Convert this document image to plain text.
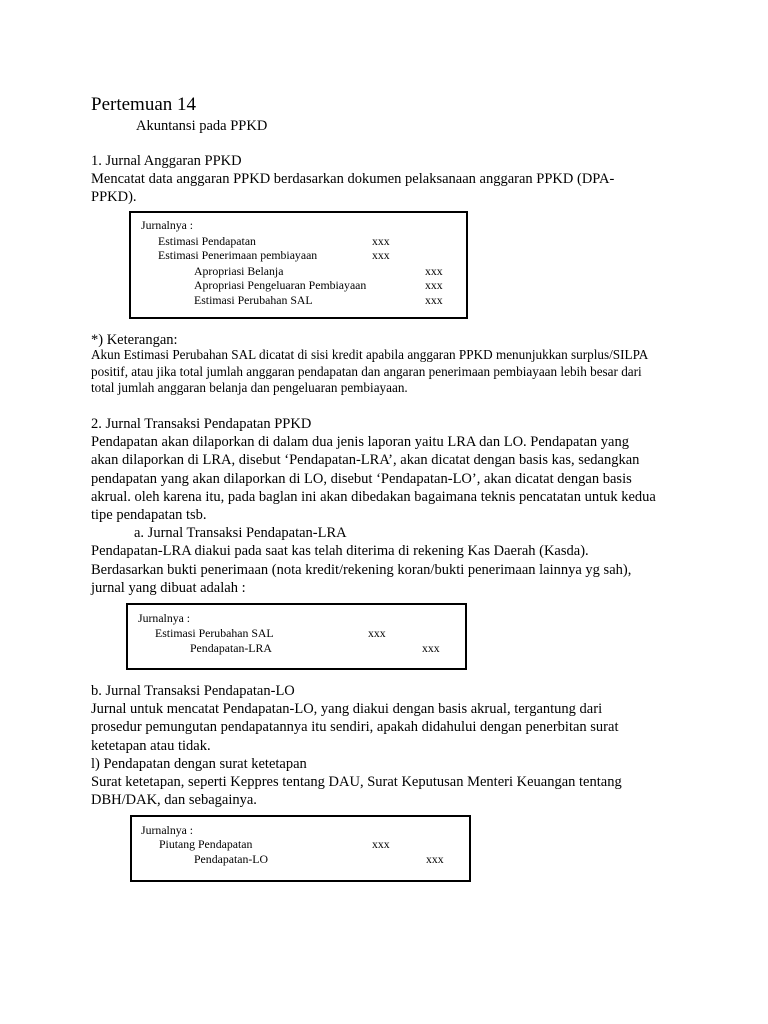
Pertemuan 14
Akuntansi pada PPKD
1. Jurnal Anggaran PPKD
Mencatat data anggaran PPKD berdasarkan dokumen pelaksanaan anggaran PPKD (DPA-
PPKD).
Jurnalnya :
Estimasi Pendapatan	xxx
Estimasi Penerimaan pembiayaan	xxx
Apropriasi Belanja	xxx
Apropriasi Pengeluaran Pembiayaan	xxx
Estimasi Perubahan SAL	xxx
*) Keterangan:
Akun Estimasi Perubahan SAL dicatat di sisi kredit apabila anggaran PPKD menunjukkan surplus/SILPA
positif, atau jika total jumlah anggaran pendapatan dan angaran penerimaan pembiayaan lebih besar dari
total jumlah anggaran belanja dan pengeluaran pembiayaan.
2. Jurnal Transaksi Pendapatan PPKD
Pendapatan akan dilaporkan di dalam dua jenis laporan yaitu LRA dan LO. Pendapatan yang
akan dilaporkan di LRA, disebut ‘Pendapatan-LRA’, akan dicatat dengan basis kas, sedangkan
pendapatan yang akan dilaporkan di LO, disebut ‘Pendapatan-LO’, akan dicatat dengan basis
akrual. oleh karena itu, pada baglan ini akan dibedakan bagaimana teknis pencatatan untuk kedua
tipe pendapatan tsb.
a. Jurnal Transaksi Pendapatan-LRA
Pendapatan-LRA diakui pada saat kas telah diterima di rekening Kas Daerah (Kasda).
Berdasarkan bukti penerimaan (nota kredit/rekening koran/bukti penerimaan lainnya yg sah),
jurnal yang dibuat adalah :
Jurnalnya :
Estimasi Perubahan SAL	xxx
Pendapatan-LRA	xxx
b. Jurnal Transaksi Pendapatan-LO
Jurnal untuk mencatat Pendapatan-LO, yang diakui dengan basis akrual, tergantung dari
prosedur pemungutan pendapatannya itu sendiri, apakah didahului dengan penerbitan surat
ketetapan atau tidak.
l) Pendapatan dengan surat ketetapan
Surat ketetapan, seperti Keppres tentang DAU, Surat Keputusan Menteri Keuangan tentang
DBH/DAK, dan sebagainya.
Jurnalnya :
Piutang Pendapatan	xxx
Pendapatan-LO	xxx
